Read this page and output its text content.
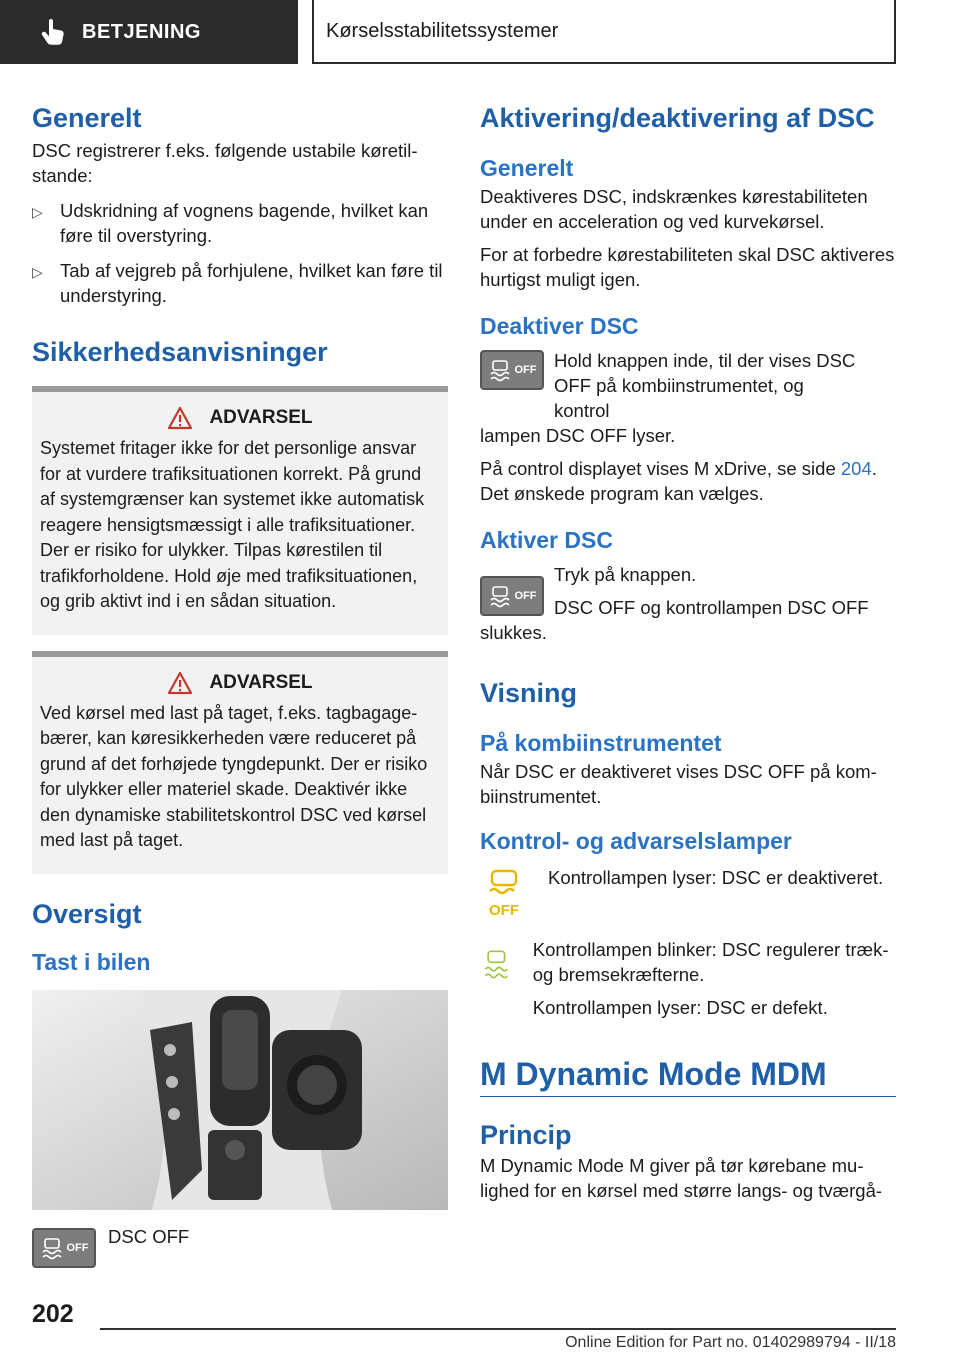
BETJENING	Kørselsstabilitetssystemer
Generelt

DSC registrerer f.eks. følgende ustabile køretilstande:

▷ Udskridning af vognens bagende, hvilket kan føre til overstyring.
▷ Tab af vejgreb på forhjulene, hvilket kan føre til understyring.
Sikkerhedsanvisninger
ADVARSEL

Systemet fritager ikke for det personlige ansvar for at vurdere trafiksituationen korrekt. På grund af systemgrænser kan systemet ikke automatisk reagere hensigtsmæssigt i alle trafiksituationer. Der er risiko for ulykker. Tilpas kørestilen til trafikforholdene. Hold øje med trafiksituationen, og grib aktivt ind i en sådan situation.

ADVARSEL

Ved kørsel med last på taget, f.eks. tagbagagebærer, kan køresikkerheden være reduceret på grund af det forhøjede tyngdepunkt. Der er risiko for ulykker eller materiel skade. Deaktivér ikke den dynamiske stabilitetskontrol DSC ved kørsel med last på taget.

Oversigt
Tast i bilen
OFF

DSC OFF

Aktivering/deaktivering af DSC
Generelt

Deaktiveres DSC, indskrænkes kørestabiliteten under en acceleration og ved kurvekørsel.

For at forbedre kørestabiliteten skal DSC aktiveres hurtigst muligt igen.

Deaktiver DSC
OFF Hold knappen inde, til der vises DSC

OFF på kombiinstrumentet, og kontrol

lampen DSC OFF lyser.

På control displayet vises M xDrive, se side 204.

Det ønskede program kan vælges.

Aktiver DSC
OFF

Tryk på knappen.

DSC OFF og kontrollampen DSC OFF

slukkes.

Visning
På kombiinstrumentet

Når DSC er deaktiveret vises DSC OFF på kombiinstrumentet.

Kontrol- og advarselslamper
OFF

Kontrollampen lyser: DSC er deaktiveret.

Kontrollampen blinker: DSC regulerer træk- og bremsekræfterne.

Kontrollampen lyser: DSC er defekt.

M Dynamic Mode MDM
Princip

M Dynamic Mode M giver på tør kørebane mulighed for en kørsel med større langs- og tværgå-

202
Online Edition for Part no. 01402989794 - II/18
